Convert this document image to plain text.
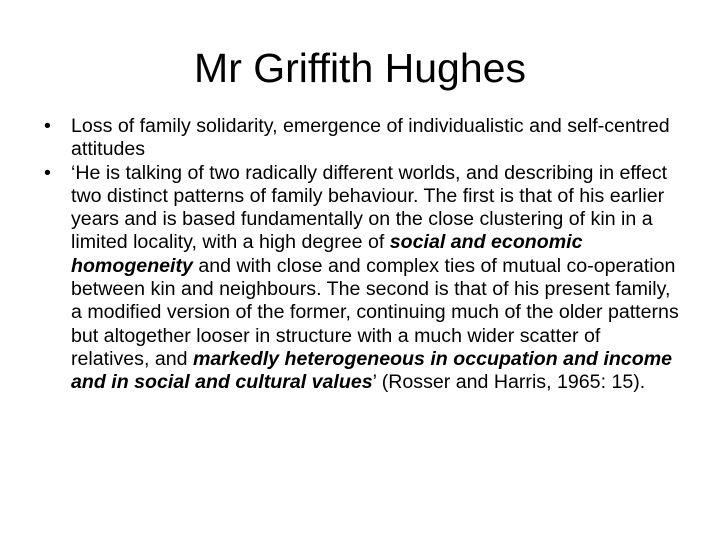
Mr Griffith Hughes
•	Loss of family solidarity, emergence of individualistic and self-centred attitudes
•	‘He is talking of two radically different worlds, and describing in effect two distinct patterns of family behaviour. The first is that of his earlier years and is based fundamentally on the close clustering of kin in a limited locality, with a high degree of social and economic homogeneity and with close and complex ties of mutual co-operation between kin and neighbours. The second is that of his present family, a modified version of the former, continuing much of the older patterns but altogether looser in structure with a much wider scatter of relatives, and markedly heterogeneous in occupation and income and in social and cultural values’ (Rosser and Harris, 1965: 15).
